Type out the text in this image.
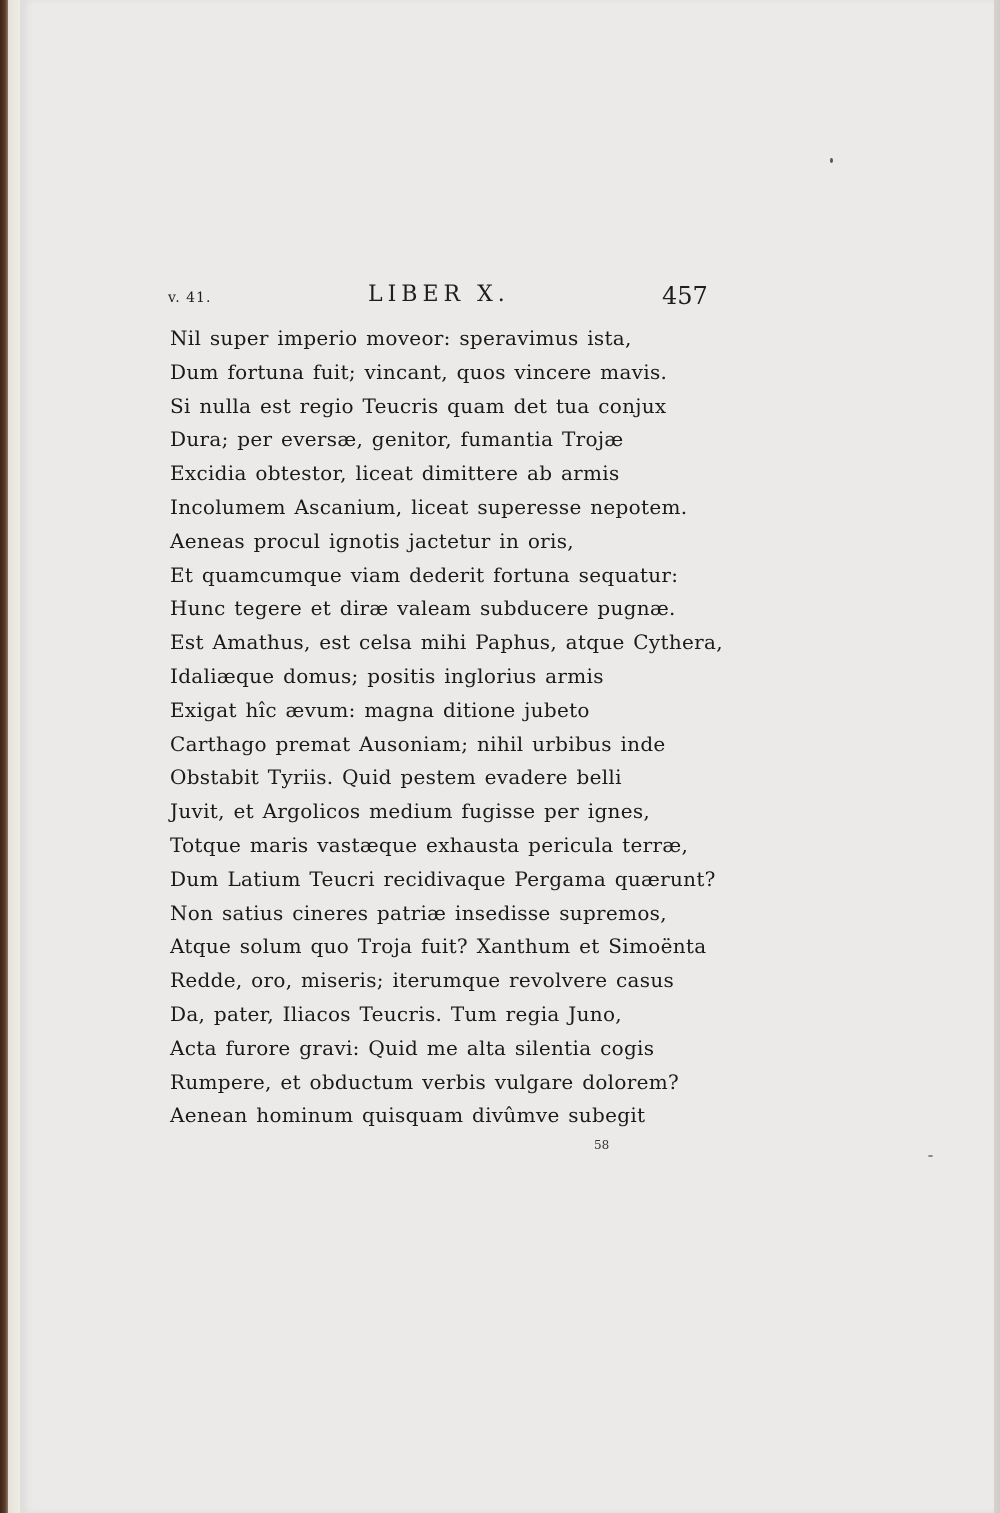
v. 41.	LIBER X.	457
Nil super imperio moveor: speravimus ista,
Dum fortuna fuit; vincant, quos vincere mavis.
Si nulla est regio Teucris quam det tua conjux
Dura; per eversæ, genitor, fumantia Trojæ
Excidia obtestor, liceat dimittere ab armis
Incolumem Ascanium, liceat superesse nepotem.
Aeneas procul ignotis jactetur in oris,
Et quamcumque viam dederit fortuna sequatur:
Hunc tegere et diræ valeam subducere pugnæ.
Est Amathus, est celsa mihi Paphus, atque Cythera,
Idaliæque domus; positis inglorius armis
Exigat hîc ævum: magna ditione jubeto
Carthago premat Ausoniam; nihil urbibus inde
Obstabit Tyriis. Quid pestem evadere belli
Juvit, et Argolicos medium fugisse per ignes,
Totque maris vastæque exhausta pericula terræ,
Dum Latium Teucri recidivaque Pergama quærunt?
Non satius cineres patriæ insedisse supremos,
Atque solum quo Troja fuit? Xanthum et Simoënta
Redde, oro, miseris; iterumque revolvere casus
Da, pater, Iliacos Teucris. Tum regia Juno,
Acta furore gravi: Quid me alta silentia cogis
Rumpere, et obductum verbis vulgare dolorem?
Aenean hominum quisquam divûmve subegit
58
